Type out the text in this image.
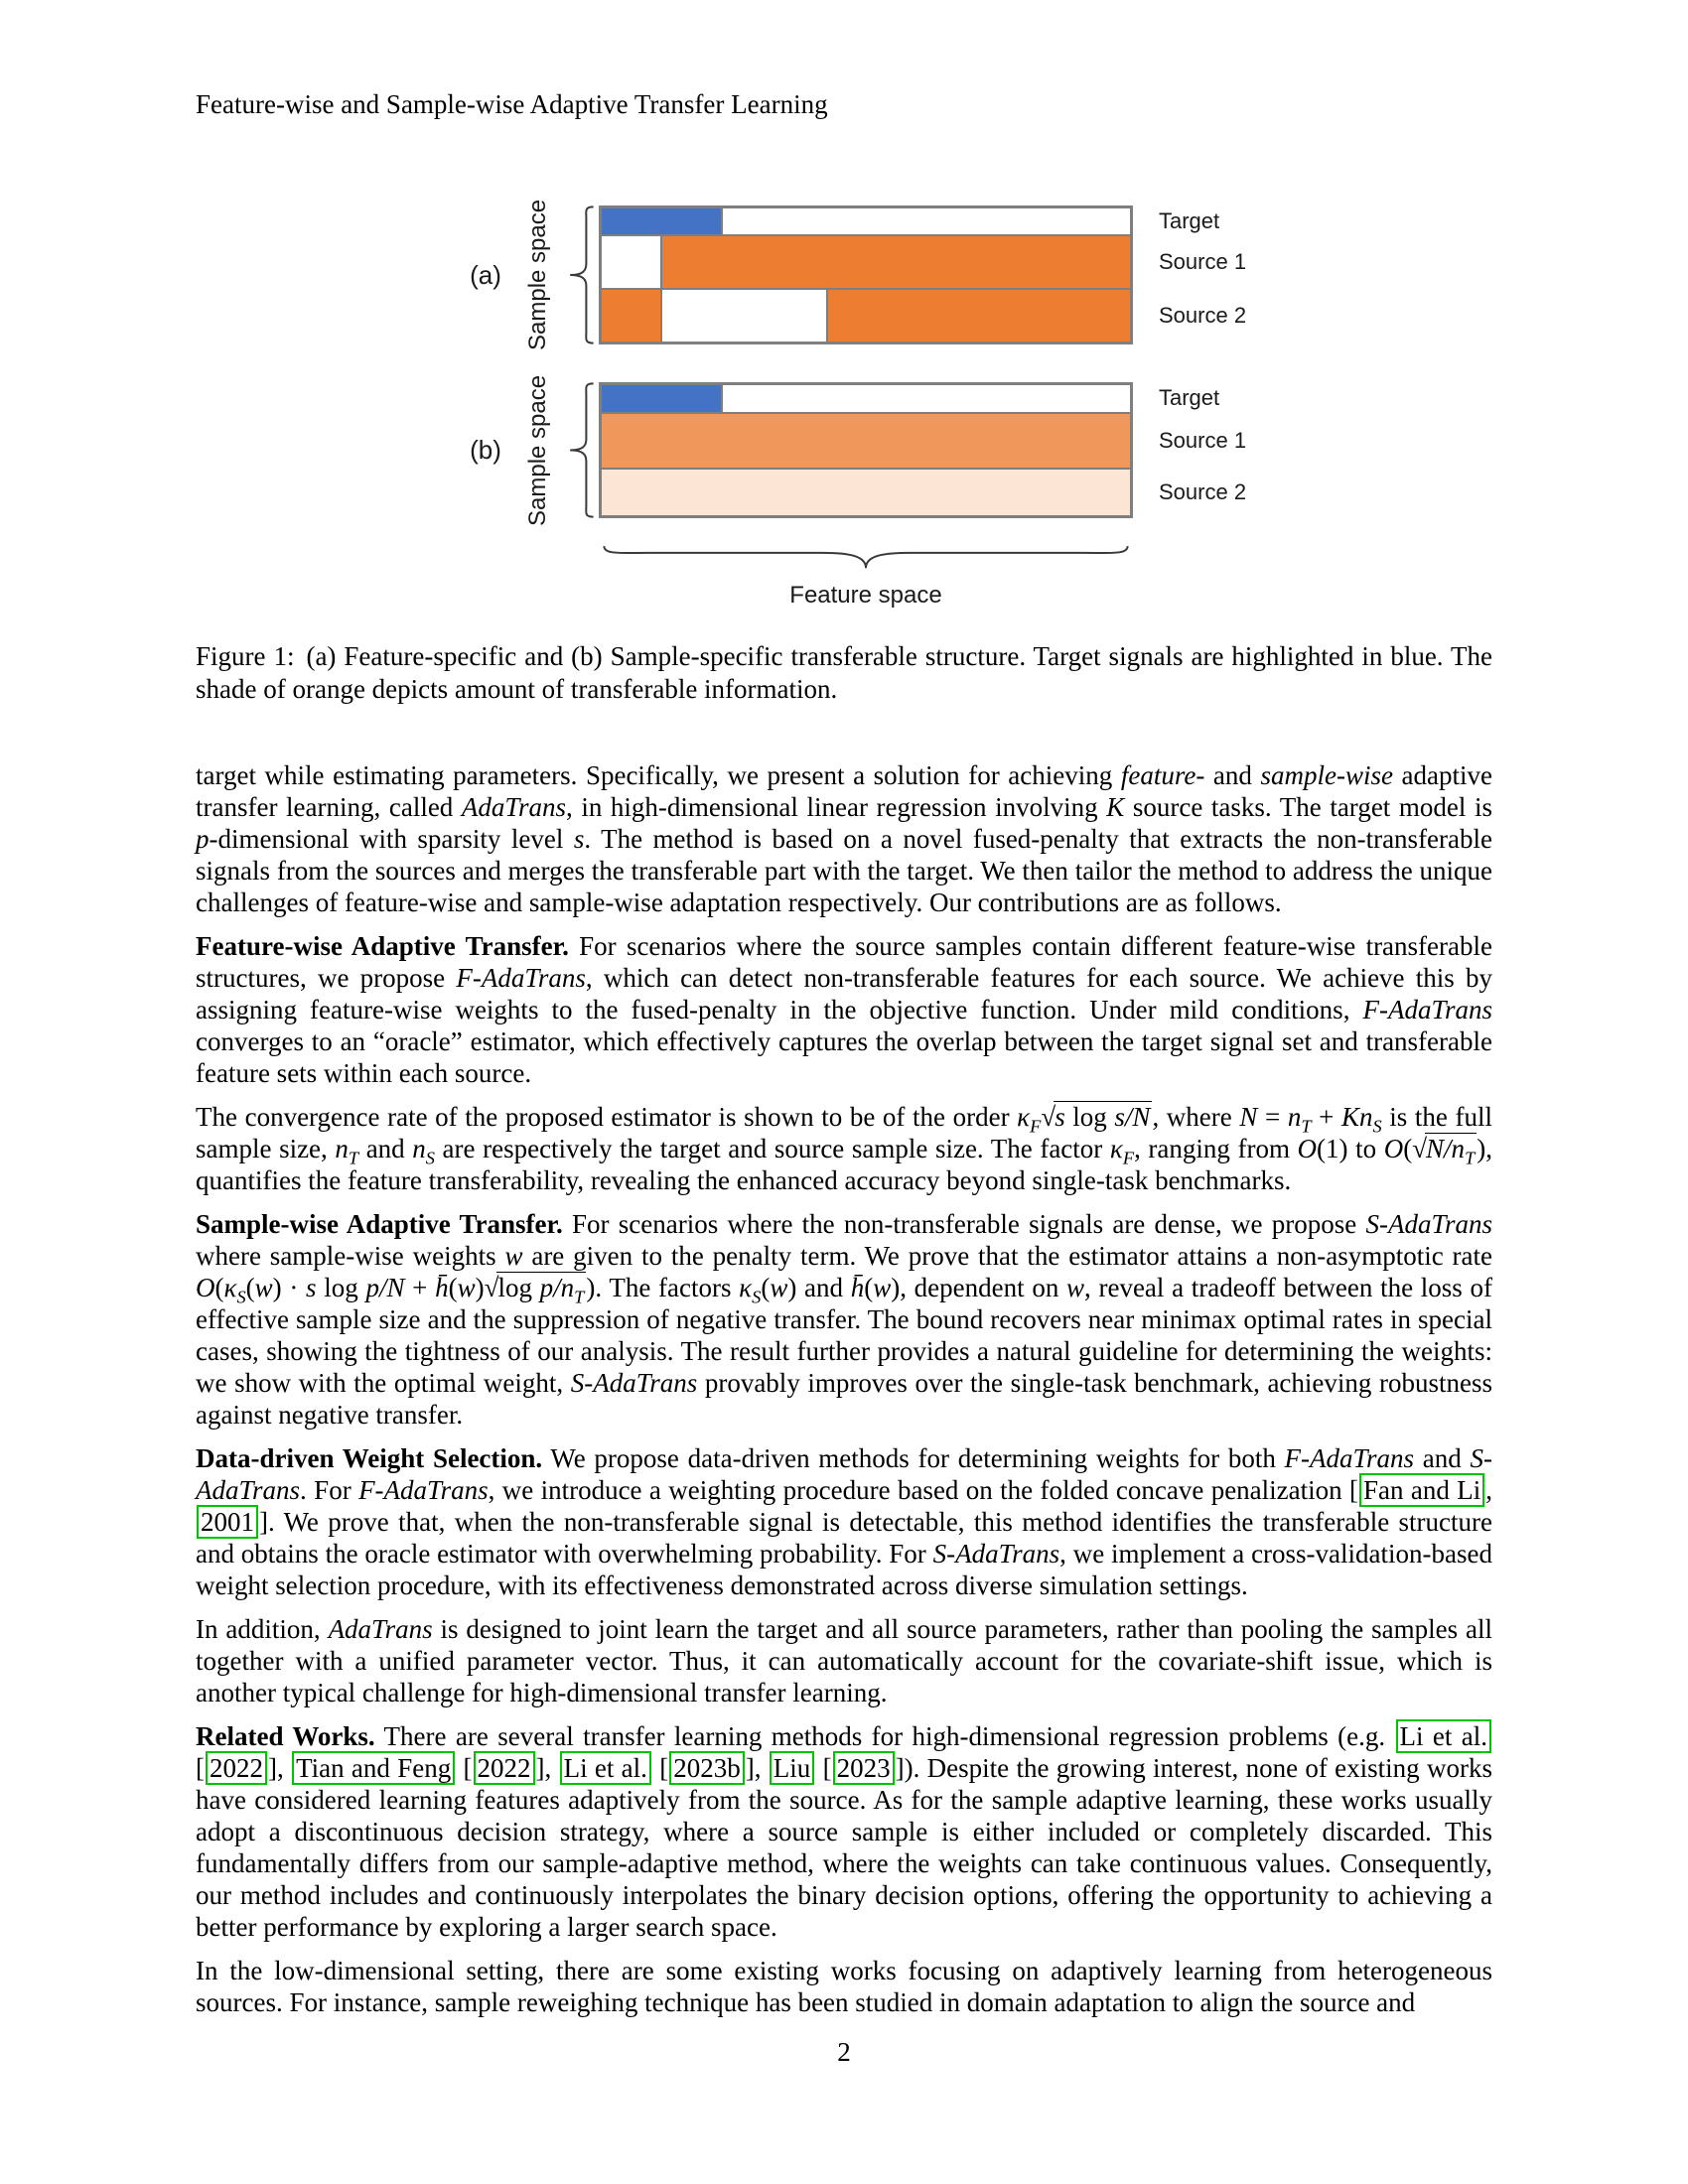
Feature-wise and Sample-wise Adaptive Transfer Learning
(a) Sample space	Target
Source 1
Source 2
(b) Sample space	Target
Source 1
Source 2
Feature space
Figure 1: (a) Feature-specific and (b) Sample-specific transferable structure. Target signals are highlighted in blue. The shade of orange depicts amount of transferable information.

target while estimating parameters. Specifically, we present a solution for achieving feature- and sample-wise adaptive transfer learning, called AdaTrans, in high-dimensional linear regression involving K source tasks. The target model is p-dimensional with sparsity level s. The method is based on a novel fused-penalty that extracts the non-transferable signals from the sources and merges the transferable part with the target. We then tailor the method to address the unique challenges of feature-wise and sample-wise adaptation respectively. Our contributions are as follows.

Feature-wise Adaptive Transfer. For scenarios where the source samples contain different feature-wise transferable structures, we propose F-AdaTrans, which can detect non-transferable features for each source. We achieve this by assigning feature-wise weights to the fused-penalty in the objective function. Under mild conditions, F-AdaTrans converges to an “oracle” estimator, which effectively captures the overlap between the target signal set and transferable feature sets within each source.

The convergence rate of the proposed estimator is shown to be of the order $\kappa_F√s$ log s/N, where $N = n_T + Kn_S$ is the full sample size, $n_T$ and $n_S$ are respectively the target and source sample size. The factor $\kappa_F$, ranging from O(1) to $O(√N/n_T)$, quantifies the feature transferability, revealing the enhanced accuracy beyond single-task benchmarks.

Sample-wise Adaptive Transfer. For scenarios where the non-transferable signals are dense, we propose S-AdaTrans where sample-wise weights w are given to the penalty term. We prove that the estimator attains a non-asymptotic rate $O(\kappa_S(w) \cdot s$ log p/N + h̄(w)√log $p/n_T$). The factors $\kappa_S(w)$ and h̄(w), dependent on w, reveal a tradeoff between the loss of effective sample size and the suppression of negative transfer. The bound recovers near minimax optimal rates in special cases, showing the tightness of our analysis. The result further provides a natural guideline for determining the weights: we show with the optimal weight, S-AdaTrans provably improves over the single-task benchmark, achieving robustness against negative transfer.

Data-driven Weight Selection. We propose data-driven methods for determining weights for both F-AdaTrans and S-AdaTrans. For F-AdaTrans, we introduce a weighting procedure based on the folded concave penalization [ Fan and Li , 2001 ]. We prove that, when the non-transferable signal is detectable, this method identifies the transferable structure and obtains the oracle estimator with overwhelming probability. For S-AdaTrans, we implement a cross-validation-based weight selection procedure, with its effectiveness demonstrated across diverse simulation settings.

In addition, AdaTrans is designed to joint learn the target and all source parameters, rather than pooling the samples all together with a unified parameter vector. Thus, it can automatically account for the covariate-shift issue, which is another typical challenge for high-dimensional transfer learning.

Related Works. There are several transfer learning methods for high-dimensional regression problems (e.g. Li et al. [ 2022 ], Tian and Feng [ 2022 ], Li et al. [ 2023b ], Liu [ 2023 ]). Despite the growing interest, none of existing works have considered learning features adaptively from the source. As for the sample adaptive learning, these works usually adopt a discontinuous decision strategy, where a source sample is either included or completely discarded. This fundamentally differs from our sample-adaptive method, where the weights can take continuous values. Consequently, our method includes and continuously interpolates the binary decision options, offering the opportunity to achieving a better performance by exploring a larger search space.

In the low-dimensional setting, there are some existing works focusing on adaptively learning from heterogeneous sources. For instance, sample reweighing technique has been studied in domain adaptation to align the source and

2
